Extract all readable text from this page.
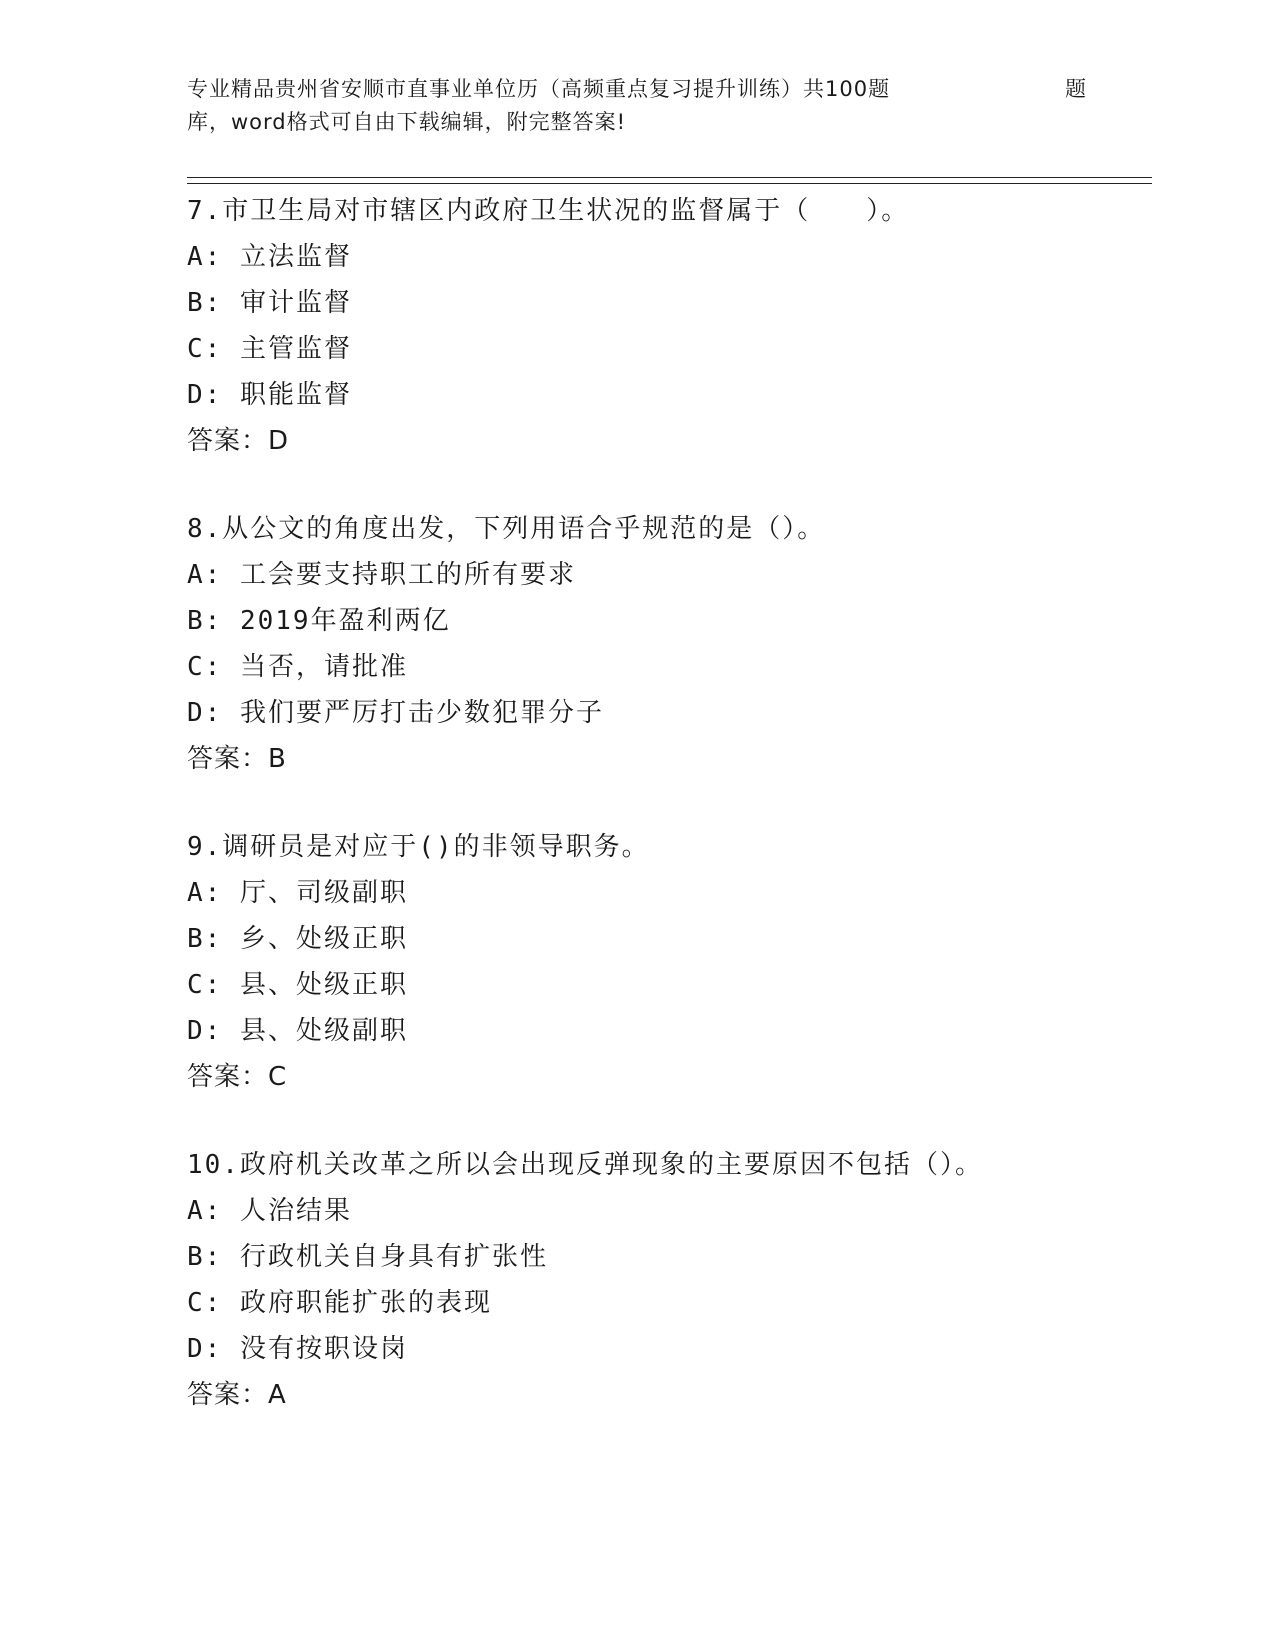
专业精品贵州省安顺市直事业单位历（高频重点复习提升训练）共100题	题
库，word格式可自由下载编辑，附完整答案!
7.市卫生局对市辖区内政府卫生状况的监督属于（　　）。
A: 立法监督
B: 审计监督
C: 主管监督
D: 职能监督
答案：D
8.从公文的角度出发，下列用语合乎规范的是（）。
A: 工会要支持职工的所有要求
B: 2019年盈利两亿
C: 当否，请批准
D: 我们要严厉打击少数犯罪分子
答案：B
9.调研员是对应于()的非领导职务。
A: 厅、司级副职
B: 乡、处级正职
C: 县、处级正职
D: 县、处级副职
答案：C
10.政府机关改革之所以会出现反弹现象的主要原因不包括（）。
A: 人治结果
B: 行政机关自身具有扩张性
C: 政府职能扩张的表现
D: 没有按职设岗
答案：A
